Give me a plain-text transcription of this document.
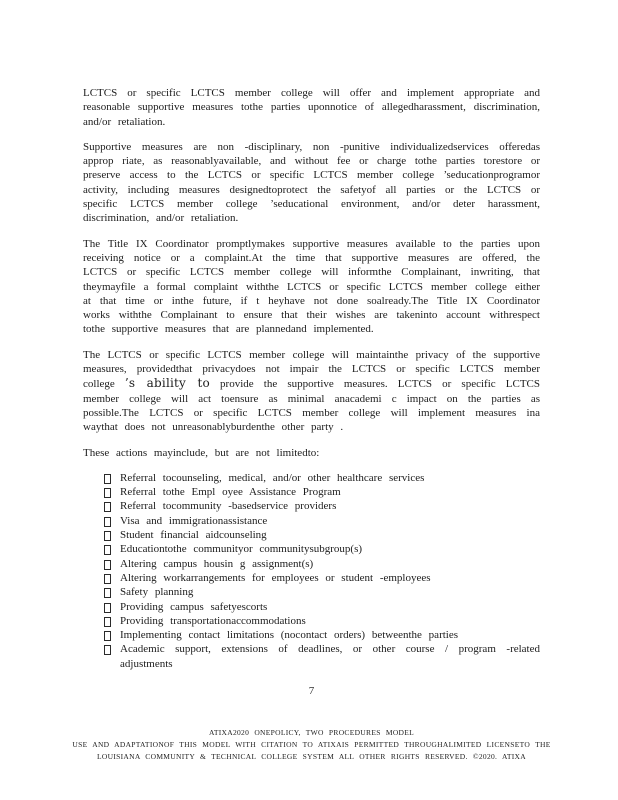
LCTCS or specific LCTCS member college will offer and implement appropriate and reasonable supportive measures tothe parties uponnotice of allegedharassment, discrimination, and/or retaliation.

Supportive measures are non -disciplinary, non -punitive individualizedservices offeredas approp riate, as reasonablyavailable, and without fee or charge tothe parties torestore or preserve access to the LCTCS or specific LCTCS member college ’seducationprogramor activity, including measures designedtoprotect the safetyof all parties or the LCTCS or specific LCTCS member college ’seducational environment, and/or deter harassment, discrimination, and/or retaliation.

The Title IX Coordinator promptlymakes supportive measures available to the parties upon receiving notice or a complaint.At the time that supportive measures are offered, the LCTCS or specific LCTCS member college will informthe Complainant, inwriting, that theymayfile a formal complaint withthe LCTCS or specific LCTCS member college either at that time or inthe future, if t heyhave not done soalready.The Title IX Coordinator works withthe Complainant to ensure that their wishes are takeninto account withrespect tothe supportive measures that are plannedand implemented.

The LCTCS or specific LCTCS member college will maintainthe privacy of the supportive measures, providedthat privacydoes not impair the LCTCS or specific LCTCS member college ’s ability to provide the supportive measures. LCTCS or specific LCTCS member college will act toensure as minimal anacademi c impact on the parties as possible.The LCTCS or specific LCTCS member college will implement measures ina waythat does not unreasonablyburdenthe other party .

These actions mayinclude, but are not limitedto:

Referral tocounseling, medical, and/or other healthcare services
Referral tothe Empl oyee Assistance Program
Referral tocommunity -basedservice providers
Visa and immigrationassistance
Student financial aidcounseling
Educationtothe communityor communitysubgroup(s)
Altering campus housin g assignment(s)
Altering workarrangements for employees or student -employees
Safety planning
Providing campus safetyescorts
Providing transportationaccommodations
Implementing contact limitations (nocontact orders) betweenthe parties
Academic support, extensions of deadlines, or other course / program -related adjustments
7
ATIXA2020 ONEPOLICY, TWO PROCEDURES MODEL
USE AND ADAPTATIONOF THIS MODEL WITH CITATION TO ATIXAIS PERMITTED THROUGHALIMITED LICENSETO THE
LOUISIANA COMMUNITY & TECHNICAL COLLEGE SYSTEM ALL OTHER RIGHTS RESERVED. ©2020. ATIXA
